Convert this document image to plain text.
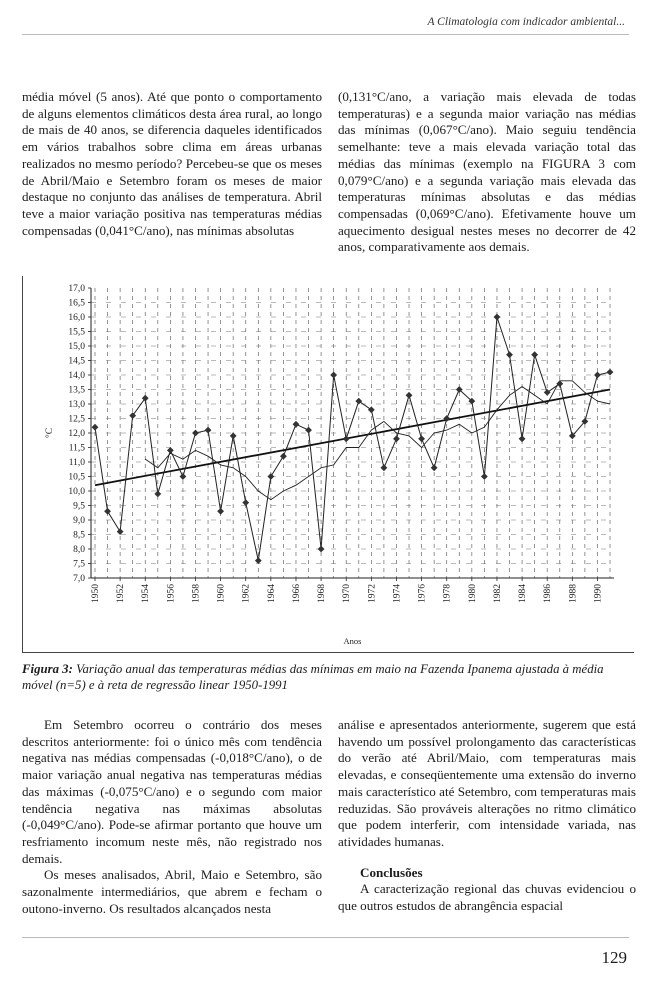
A Climatologia com indicador ambiental...

média móvel (5 anos). Até que ponto o comportamento de alguns elementos climáticos desta área rural, ao longo de mais de 40 anos, se diferencia daqueles identificados em vários trabalhos sobre clima em áreas urbanas realizados no mesmo período? Percebeu-se que os meses de Abril/Maio e Setembro foram os meses de maior destaque no conjunto das análises de temperatura. Abril teve a maior variação positiva nas temperaturas médias compensadas (0,041°C/ano), nas mínimas absolutas

(0,131°C/ano, a variação mais elevada de todas temperaturas) e a segunda maior variação nas médias das mínimas (0,067°C/ano). Maio seguiu tendência semelhante: teve a mais elevada variação total das médias das mínimas (exemplo na FIGURA 3 com 0,079°C/ano) e a segunda variação mais elevada das temperaturas mínimas absolutas e das médias compensadas (0,069°C/ano). Efetivamente houve um aquecimento desigual nestes meses no decorrer de 42 anos, comparativamente aos demais.

17,0
16,5
16,0
15,5
15,0
14,5
14,0
13,5
13,0
12,5
12,0
11,5
11,0
10,5
10,0
9,5
9,0
8,5
8,0
7,5
7,0
1950 1952 1954 1956 1958 1960 1962 1964 1966 1968 1970 1972 1974 1976 1978 1980 1982 1984 1986 1988 1990
°C
Anos
Figura 3: Variação anual das temperaturas médias das mínimas em maio na Fazenda Ipanema ajustada à média móvel (n=5) e à reta de regressão linear 1950-1991

Em Setembro ocorreu o contrário dos meses descritos anteriormente: foi o único mês com tendência negativa nas médias compensadas (-0,018°C/ano), o de maior variação anual negativa nas temperaturas médias das máximas (-0,075°C/ano) e o segundo com maior tendência negativa nas máximas absolutas (-0,049°C/ano). Pode-se afirmar portanto que houve um resfriamento incomum neste mês, não registrado nos demais.

Os meses analisados, Abril, Maio e Setembro, são sazonalmente intermediários, que abrem e fecham o outono-inverno. Os resultados alcançados nesta

análise e apresentados anteriormente, sugerem que está havendo um possível prolongamento das características do verão até Abril/Maio, com temperaturas mais elevadas, e conseqüentemente uma extensão do inverno mais característico até Setembro, com temperaturas mais reduzidas. São prováveis alterações no ritmo climático que podem interferir, com intensidade variada, nas atividades humanas.

Conclusões

A caracterização regional das chuvas evidenciou o que outros estudos de abrangência espacial

129
